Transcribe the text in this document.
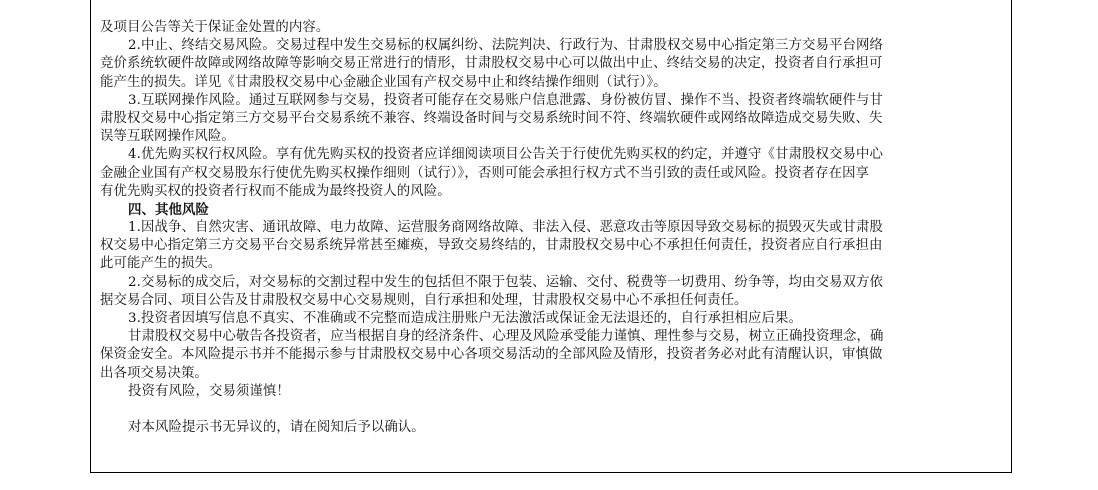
及项目公告等关于保证金处置的内容。
2.中止、终结交易风险。交易过程中发生交易标的权属纠纷、法院判决、行政行为、甘肃股权交易中心指定第三方交易平台网络
竞价系统软硬件故障或网络故障等影响交易正常进行的情形，甘肃股权交易中心可以做出中止、终结交易的决定，投资者自行承担可
能产生的损失。详见《甘肃股权交易中心金融企业国有产权交易中止和终结操作细则（试行）》。
3.互联网操作风险。通过互联网参与交易，投资者可能存在交易账户信息泄露、身份被仿冒、操作不当、投资者终端软硬件与甘
肃股权交易中心指定第三方交易平台交易系统不兼容、终端设备时间与交易系统时间不符、终端软硬件或网络故障造成交易失败、失
误等互联网操作风险。
4.优先购买权行权风险。享有优先购买权的投资者应详细阅读项目公告关于行使优先购买权的约定，并遵守《甘肃股权交易中心
金融企业国有产权交易股东行使优先购买权操作细则（试行）》，否则可能会承担行权方式不当引致的责任或风险。投资者存在因享
有优先购买权的投资者行权而不能成为最终投资人的风险。
四、其他风险
1.因战争、自然灾害、通讯故障、电力故障、运营服务商网络故障、非法入侵、恶意攻击等原因导致交易标的损毁灭失或甘肃股
权交易中心指定第三方交易平台交易系统异常甚至瘫痪，导致交易终结的，甘肃股权交易中心不承担任何责任，投资者应自行承担由
此可能产生的损失。
2.交易标的成交后，对交易标的交割过程中发生的包括但不限于包装、运输、交付、税费等一切费用、纷争等，均由交易双方依
据交易合同、项目公告及甘肃股权交易中心交易规则，自行承担和处理，甘肃股权交易中心不承担任何责任。
3.投资者因填写信息不真实、不准确或不完整而造成注册账户无法激活或保证金无法退还的，自行承担相应后果。
甘肃股权交易中心敬告各投资者，应当根据自身的经济条件、心理及风险承受能力谨慎、理性参与交易，树立正确投资理念，确
保资金安全。本风险提示书并不能揭示参与甘肃股权交易中心各项交易活动的全部风险及情形，投资者务必对此有清醒认识，审慎做
出各项交易决策。
投资有风险，交易须谨慎！
对本风险提示书无异议的，请在阅知后予以确认。
